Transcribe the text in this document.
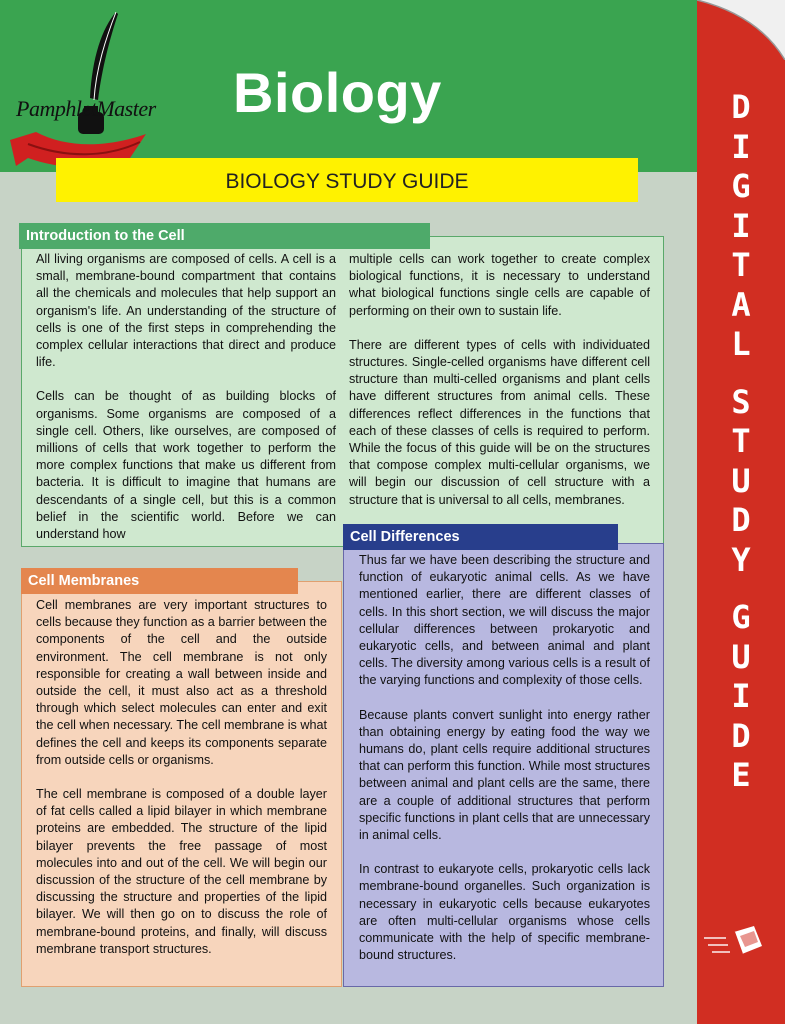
PamphletMaster Biology
BIOLOGY STUDY GUIDE

All living organisms are composed of cells. A cell is a small, membrane-bound compartment that contains all the chemicals and molecules that help support an organism's life. An understanding of the structure of cells is one of the first steps in comprehending the complex cellular interactions that direct and produce life.

Cells can be thought of as building blocks of organisms. Some organisms are composed of a single cell. Others, like ourselves, are composed of millions of cells that work together to perform the more complex functions that make us different from bacteria. It is difficult to imagine that humans are descendants of a single cell, but this is a common belief in the scientific world. Before we can understand how

multiple cells can work together to create complex biological functions, it is necessary to understand what biological functions single cells are capable of performing on their own to sustain life.

There are different types of cells with individuated structures. Single-celled organisms have different cell structure than multi-celled organisms and plant cells have different structures from animal cells. These differences reflect differences in the functions that each of these classes of cells is required to perform. While the focus of this guide will be on the structures that compose complex multi-cellular organisms, we will begin our discussion of cell structure with a structure that is universal to all cells, membranes.

Introduction to the Cell

Cell membranes are very important structures to cells because they function as a barrier between the components of the cell and the outside environment. The cell membrane is not only responsible for creating a wall between inside and outside the cell, it must also act as a threshold through which select molecules can enter and exit the cell when necessary. The cell membrane is what defines the cell and keeps its components separate from outside cells or organisms.

The cell membrane is composed of a double layer of fat cells called a lipid bilayer in which membrane proteins are embedded. The structure of the lipid bilayer prevents the free passage of most molecules into and out of the cell. We will begin our discussion of the structure of the cell membrane by discussing the structure and properties of the lipid bilayer. We will then go on to discuss the role of membrane-bound proteins, and finally, will discuss membrane transport structures.

Cell Membranes

Thus far we have been describing the structure and function of eukaryotic animal cells. As we have mentioned earlier, there are different classes of cells. In this short section, we will discuss the major cellular differences between prokaryotic and eukaryotic cells, and between animal and plant cells. The diversity among various cells is a result of the varying functions and complexity of those cells.

Because plants convert sunlight into energy rather than obtaining energy by eating food the way we humans do, plant cells require additional structures that can perform this function. While most structures between animal and plant cells are the same, there are a couple of additional structures that perform specific functions in plant cells that are unnecessary in animal cells.

In contrast to eukaryote cells, prokaryotic cells lack membrane-bound organelles. Such organization is necessary in eukaryotic cells because eukaryotes are often multi-cellular organisms whose cells communicate with the help of specific membrane-bound structures.

Cell Differences
D
I
G
I
T
A
L
S
T
U
D
Y
G
U
I
D
E
